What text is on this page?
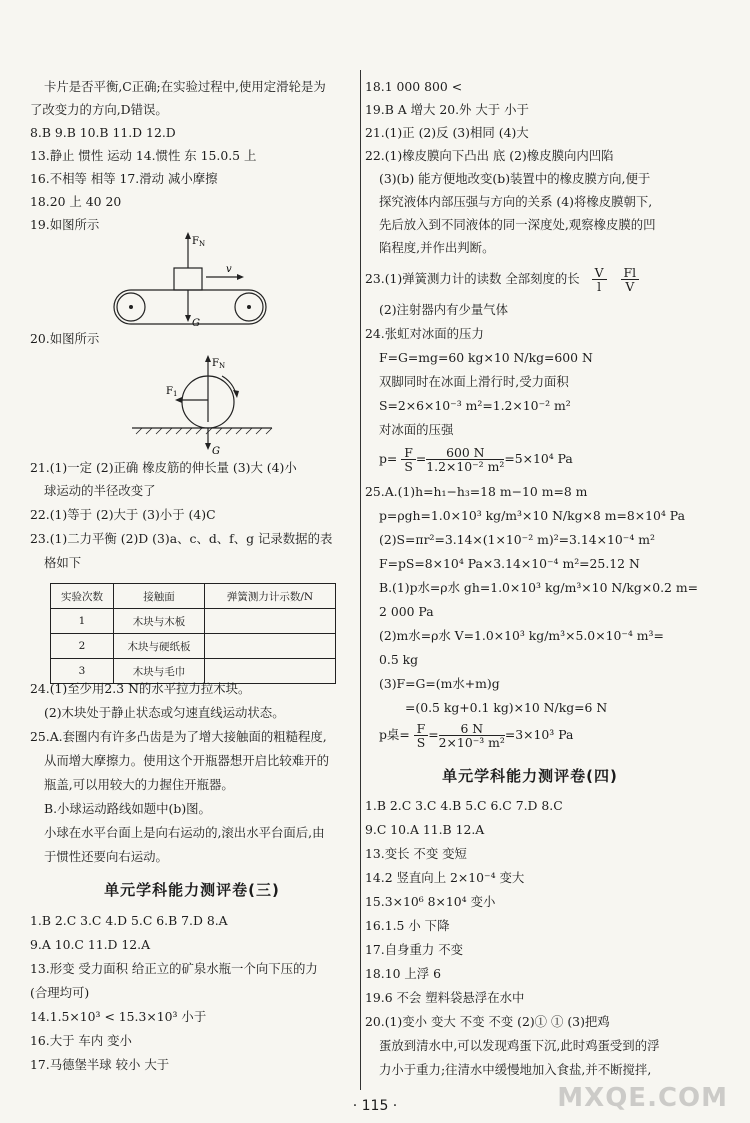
卡片是否平衡,C正确;在实验过程中,使用定滑轮是为
了改变力的方向,D错误。
8.B 9.B 10.B 11.D 12.D
13.静止 惯性 运动 14.惯性 东 15.0.5 上
16.不相等 相等 17.滑动 减小摩擦
18.20 上 40 20
19.如图所示
$F_N$
v
G
20.如图所示
$F_N$
$F_1$
G
21.(1)一定 (2)正确 橡皮筋的伸长量 (3)大 (4)小
球运动的半径改变了
22.(1)等于 (2)大于 (3)小于 (4)C
23.(1)二力平衡 (2)D (3)a、c、d、f、g 记录数据的表
格如下
实验次数	接触面	弹簧测力计示数/N
1	木块与木板	
2	木块与硬纸板	
3	木块与毛巾	
24.(1)至少用2.3 N的水平拉力拉木块。
(2)木块处于静止状态或匀速直线运动状态。
25.A.套圈内有许多凸齿是为了增大接触面的粗糙程度,
从而增大摩擦力。使用这个开瓶器想开启比较难开的
瓶盖,可以用较大的力握住开瓶器。
B.小球运动路线如题中(b)图。
小球在水平台面上是向右运动的,滚出水平台面后,由
于惯性还要向右运动。
单元学科能力测评卷(三)
1.B 2.C 3.C 4.D 5.C 6.B 7.D 8.A
9.A 10.C 11.D 12.A
13.形变 受力面积 给正立的矿泉水瓶一个向下压的力
(合理均可)
14.1.5×10³ < 15.3×10³ 小于
16.大于 车内 变小
17.马德堡半球 较小 大于
18.1 000 800 <
19.B A 增大 20.外 大于 小于
21.(1)正 (2)反 (3)相同 (4)大
22.(1)橡皮膜向下凸出 底 (2)橡皮膜向内凹陷
(3)(b) 能方便地改变(b)装置中的橡皮膜方向,便于
探究液体内部压强与方向的关系 (4)将橡皮膜朝下,
先后放入到不同液体的同一深度处,观察橡皮膜的凹
陷程度,并作出判断。
23.(1)弹簧测力计的读数 全部刻度的长 $\frac{V}{l}$
$\frac{Fl}{V}$
(2)注射器内有少量气体
24.张虹对冰面的压力
F=G=mg=60 kg×10 N/kg=600 N
双脚同时在冰面上滑行时,受力面积
S=2×6×10⁻³ m²=1.2×10⁻² m²
对冰面的压强
$p= \frac{F}{S} = \frac{600 N}{\text{1.2×10⁻² m²}} =5\times 10^4$ Pa
25.A.(1)h=h₁−h₃=18 m−10 m=8 m
p=ρgh=1.0×10³ kg/m³×10 N/kg×8 m=8×10⁴ Pa
(2)S=πr²=3.14×(1×10⁻² m)²=3.14×10⁻⁴ m²
F=pS=8×10⁴ Pa×3.14×10⁻⁴ m²=25.12 N
B.(1)p水=ρ水 gh=1.0×10³ kg/m³×10 N/kg×0.2 m=
2 000 Pa
(2)m水=ρ水 V=1.0×10³ kg/m³×5.0×10⁻⁴ m³=
0.5 kg
(3)F=G=(m水+m)g
=(0.5 kg+0.1 kg)×10 N/kg=6 N
p桌= $\frac{F}{S} = \frac{6 N}{\text{2×10⁻³ m²}} =3\times 10^3$ Pa
单元学科能力测评卷(四)
1.B 2.C 3.C 4.B 5.C 6.C 7.D 8.C
9.C 10.A 11.B 12.A
13.变长 不变 变短
14.2 竖直向上 2×10⁻⁴ 变大
15.3×10⁶ 8×10⁴ 变小
16.1.5 小 下降
17.自身重力 不变
18.10 上浮 6
19.6 不会 塑料袋悬浮在水中
20.(1)变小 变大 不变 不变 (2)① ① (3)把鸡
蛋放到清水中,可以发现鸡蛋下沉,此时鸡蛋受到的浮
力小于重力;往清水中缓慢地加入食盐,并不断搅拌,
· 115 ·	MXQE.COM
